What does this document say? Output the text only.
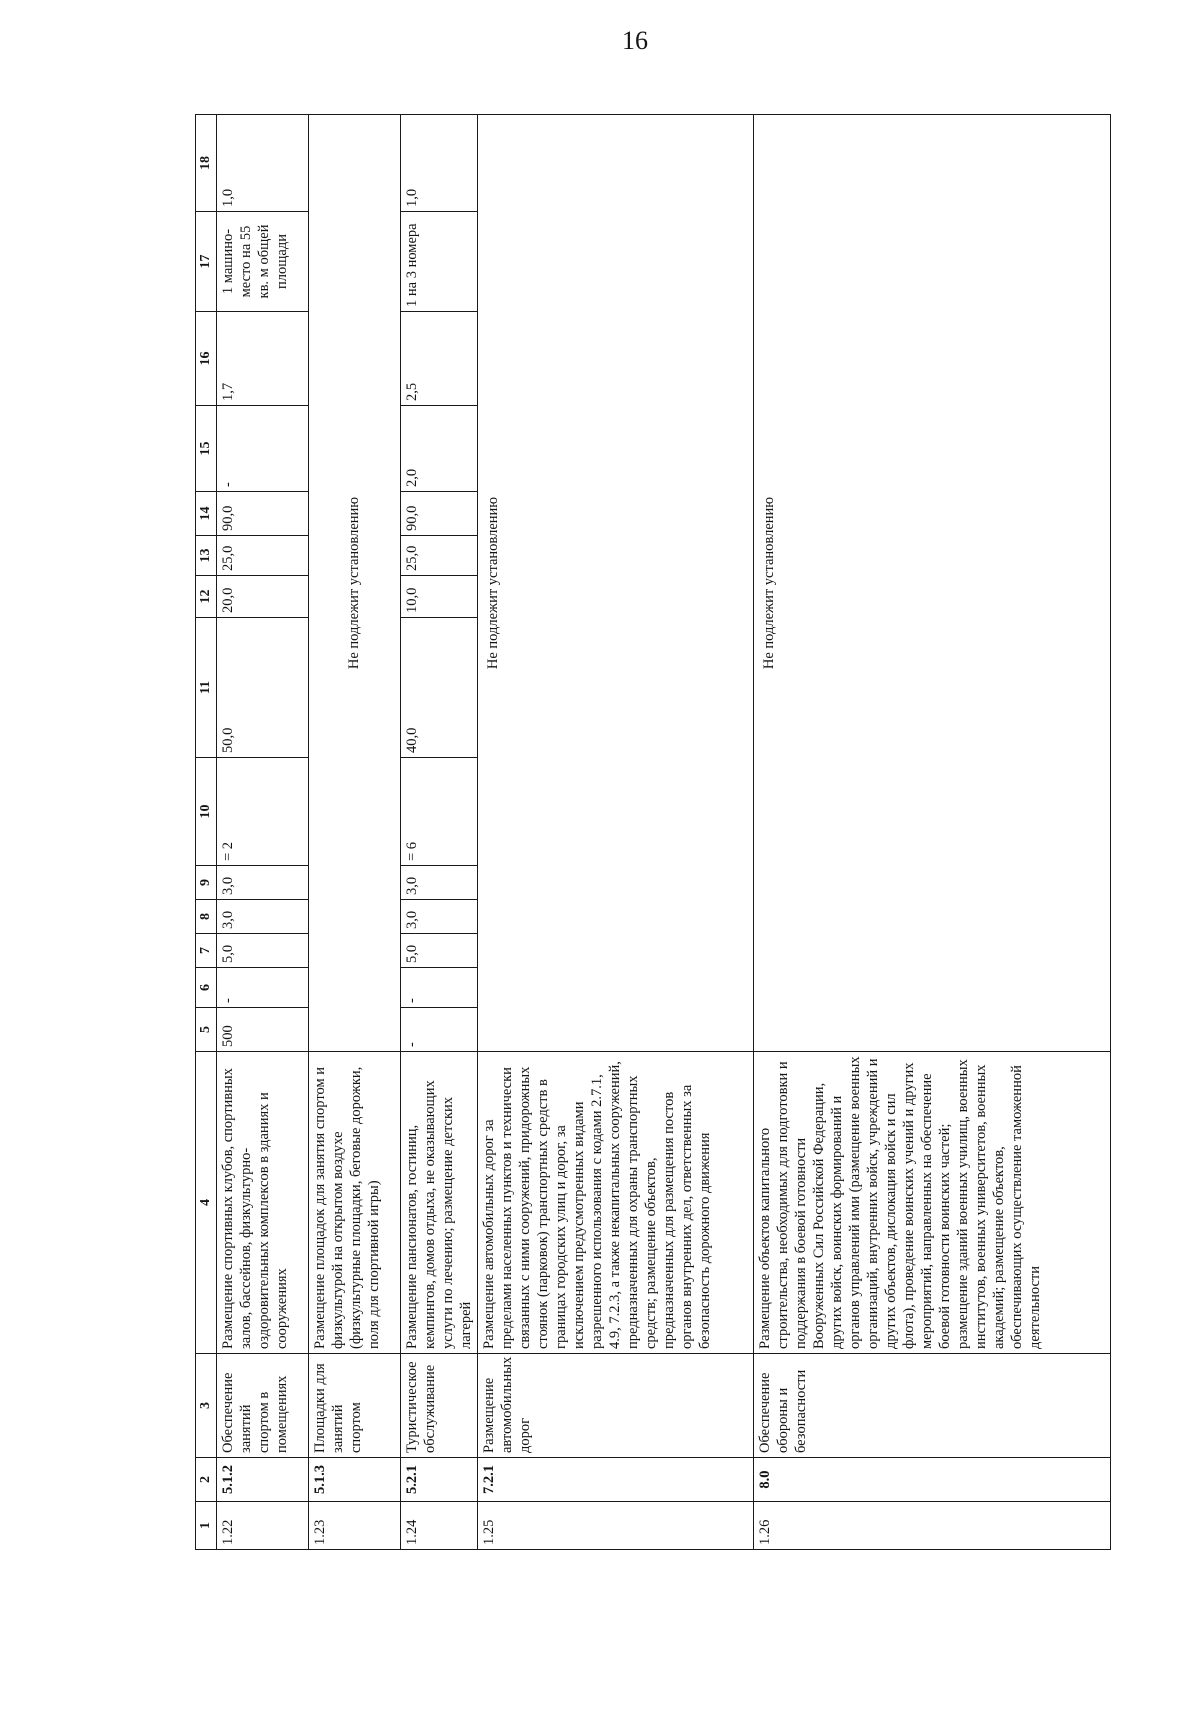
16
1	2	3	4	5	6	7	8	9	10	11	12	13	14	15	16	17	18
1.22	5.1.2	Обеспечение занятий спортом в помещениях	Размещение спортивных клубов, спортивных залов, бассейнов, физкультурно-оздоровительных комплексов в зданиях и сооружениях	500	-	5,0	3,0	3,0	= 2	50,0	20,0	25,0	90,0	-	1,7	1 машино-место на 55 кв. м общей площади	1,0
1.23	5.1.3	Площадки для занятий спортом	Размещение площадок для занятия спортом и физкультурой на открытом воздухе (физкультурные площадки, беговые дорожки, поля для спортивной игры)	Не подлежит установлению													
1.24	5.2.1	Туристическое обслуживание	Размещение пансионатов, гостиниц, кемпингов, домов отдыха, не оказывающих услуги по лечению; размещение детских лагерей	-	-	5,0	3,0	3,0	= 6	40,0	10,0	25,0	90,0	2,0	2,5	1 на 3 номера	1,0
1.25	7.2.1	Размещение автомобильных дорог	Размещение автомобильных дорог за пределами населенных пунктов и технически связанных с ними сооружений, придорожных стоянок (парковок) транспортных средств в границах городских улиц и дорог, за исключением предусмотренных видами разрешенного использования с кодами 2.7.1, 4.9, 7.2.3, а также некапитальных сооружений, предназначенных для охраны транспортных средств; размещение объектов, предназначенных для размещения постов органов внутренних дел, ответственных за безопасность дорожного движения	Не подлежит установлению													
1.26	8.0	Обеспечение обороны и безопасности	Размещение объектов капитального строительства, необходимых для подготовки и поддержания в боевой готовности Вооруженных Сил Российской Федерации, других войск, воинских формирований и органов управлений ими (размещение военных организаций, внутренних войск, учреждений и других объектов, дислокация войск и сил флота), проведение воинских учений и других мероприятий, направленных на обеспечение боевой готовности воинских частей; размещение зданий военных училищ, военных институтов, военных университетов, военных академий; размещение объектов, обеспечивающих осуществление таможенной деятельности	Не подлежит установлению													
